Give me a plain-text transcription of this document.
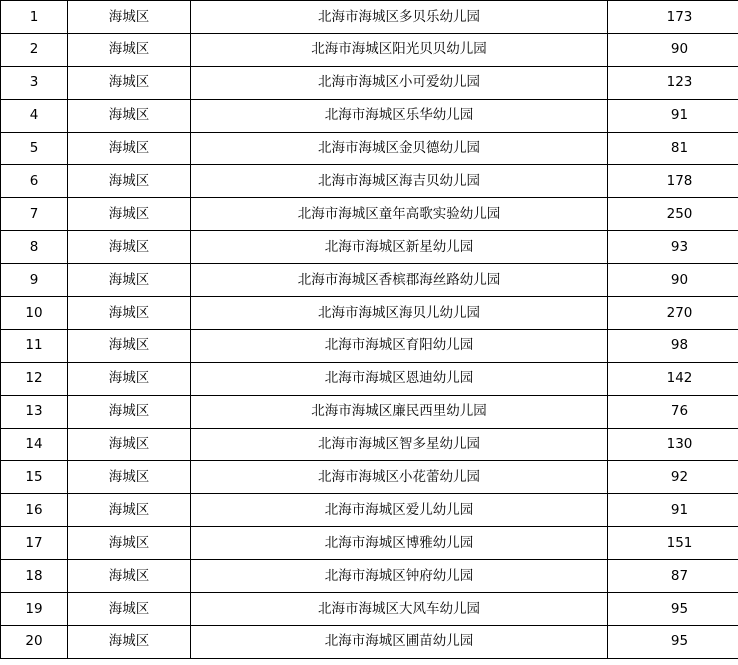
1	海城区	北海市海城区多贝乐幼儿园	173
2	海城区	北海市海城区阳光贝贝幼儿园	90
3	海城区	北海市海城区小可爱幼儿园	123
4	海城区	北海市海城区乐华幼儿园	91
5	海城区	北海市海城区金贝德幼儿园	81
6	海城区	北海市海城区海吉贝幼儿园	178
7	海城区	北海市海城区童年高歌实验幼儿园	250
8	海城区	北海市海城区新星幼儿园	93
9	海城区	北海市海城区香槟郡海丝路幼儿园	90
10	海城区	北海市海城区海贝儿幼儿园	270
11	海城区	北海市海城区育阳幼儿园	98
12	海城区	北海市海城区恩迪幼儿园	142
13	海城区	北海市海城区廉民西里幼儿园	76
14	海城区	北海市海城区智多星幼儿园	130
15	海城区	北海市海城区小花蕾幼儿园	92
16	海城区	北海市海城区爱儿幼儿园	91
17	海城区	北海市海城区博雅幼儿园	151
18	海城区	北海市海城区钟府幼儿园	87
19	海城区	北海市海城区大风车幼儿园	95
20	海城区	北海市海城区圃苗幼儿园	95
